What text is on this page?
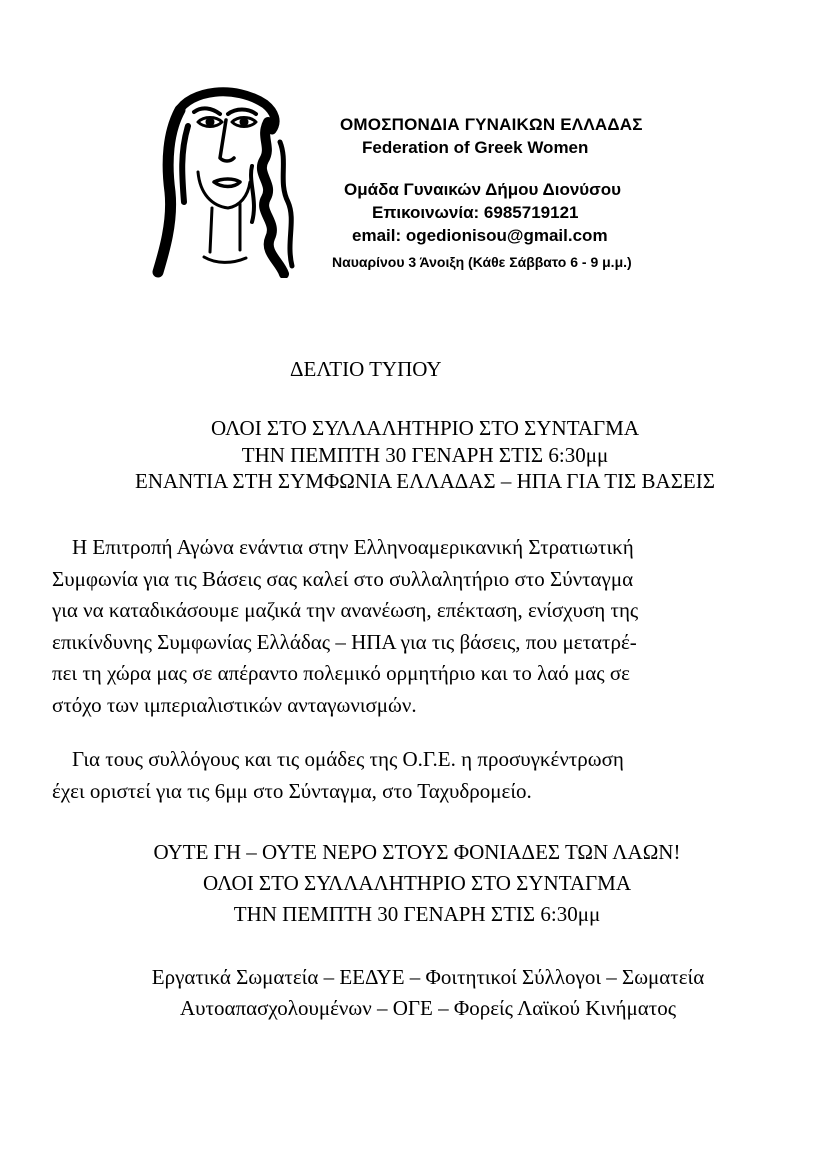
ΟΜΟΣΠΟΝΔΙΑ ΓΥΝΑΙΚΩΝ ΕΛΛΑΔΑΣ
Federation of Greek Women
Ομάδα Γυναικών Δήμου Διονύσου
Επικοινωνία: 6985719121
email: ogedionisou@gmail.com
Ναυαρίνου 3 Άνοιξη (Κάθε Σάββατο 6 - 9 μ.μ.)
ΔΕΛΤΙΟ ΤΥΠΟΥ
ΟΛΟΙ ΣΤΟ ΣΥΛΛΑΛΗΤΗΡΙΟ ΣΤΟ ΣΥΝΤΑΓΜΑ
ΤΗΝ ΠΕΜΠΤΗ 30 ΓΕΝΑΡΗ ΣΤΙΣ 6:30μμ
ΕΝΑΝΤΙΑ ΣΤΗ ΣΥΜΦΩΝΙΑ ΕΛΛΑΔΑΣ – ΗΠΑ ΓΙΑ ΤΙΣ ΒΑΣΕΙΣ
Η Επιτροπή Αγώνα ενάντια στην Ελληνοαμερικανική Στρατιωτική
Συμφωνία για τις Βάσεις σας καλεί στο συλλαλητήριο στο Σύνταγμα
για να καταδικάσουμε μαζικά την ανανέωση, επέκταση, ενίσχυση της
επικίνδυνης Συμφωνίας Ελλάδας – ΗΠΑ για τις βάσεις, που μετατρέ-
πει τη χώρα μας σε απέραντο πολεμικό ορμητήριο και το λαό μας σε
στόχο των ιμπεριαλιστικών ανταγωνισμών.
Για τους συλλόγους και τις ομάδες της Ο.Γ.Ε. η προσυγκέντρωση
έχει οριστεί για τις 6μμ στο Σύνταγμα, στο Ταχυδρομείο.
ΟΥΤΕ ΓΗ – ΟΥΤΕ ΝΕΡΟ ΣΤΟΥΣ ΦΟΝΙΑΔΕΣ ΤΩΝ ΛΑΩΝ!
ΟΛΟΙ ΣΤΟ ΣΥΛΛΑΛΗΤΗΡΙΟ ΣΤΟ ΣΥΝΤΑΓΜΑ
ΤΗΝ ΠΕΜΠΤΗ 30 ΓΕΝΑΡΗ ΣΤΙΣ 6:30μμ
Εργατικά Σωματεία – ΕΕΔΥΕ – Φοιτητικοί Σύλλογοι – Σωματεία
Αυτοαπασχολουμένων – ΟΓΕ – Φορείς Λαϊκού Κινήματος
